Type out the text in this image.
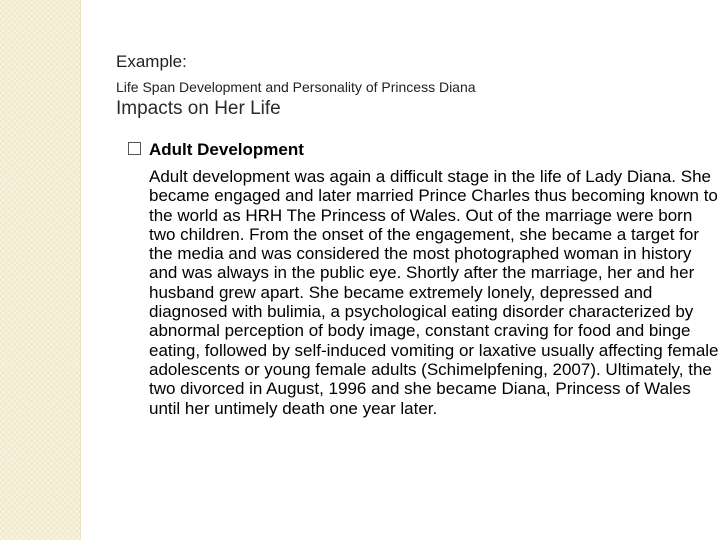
Example:
Life Span Development and Personality of Princess Diana
Impacts on Her Life
Adult Development

Adult development was again a difficult stage in the life of Lady Diana. She became engaged and later married Prince Charles thus becoming known to the world as HRH The Princess of Wales. Out of the marriage were born two children. From the onset of the engagement, she became a target for the media and was considered the most photographed woman in history and was always in the public eye. Shortly after the marriage, her and her husband grew apart. She became extremely lonely, depressed and diagnosed with bulimia, a psychological eating disorder characterized by abnormal perception of body image, constant craving for food and binge eating, followed by self-induced vomiting or laxative usually affecting female adolescents or young female adults (Schimelpfening, 2007). Ultimately, the two divorced in August, 1996 and she became Diana, Princess of Wales until her untimely death one year later.
